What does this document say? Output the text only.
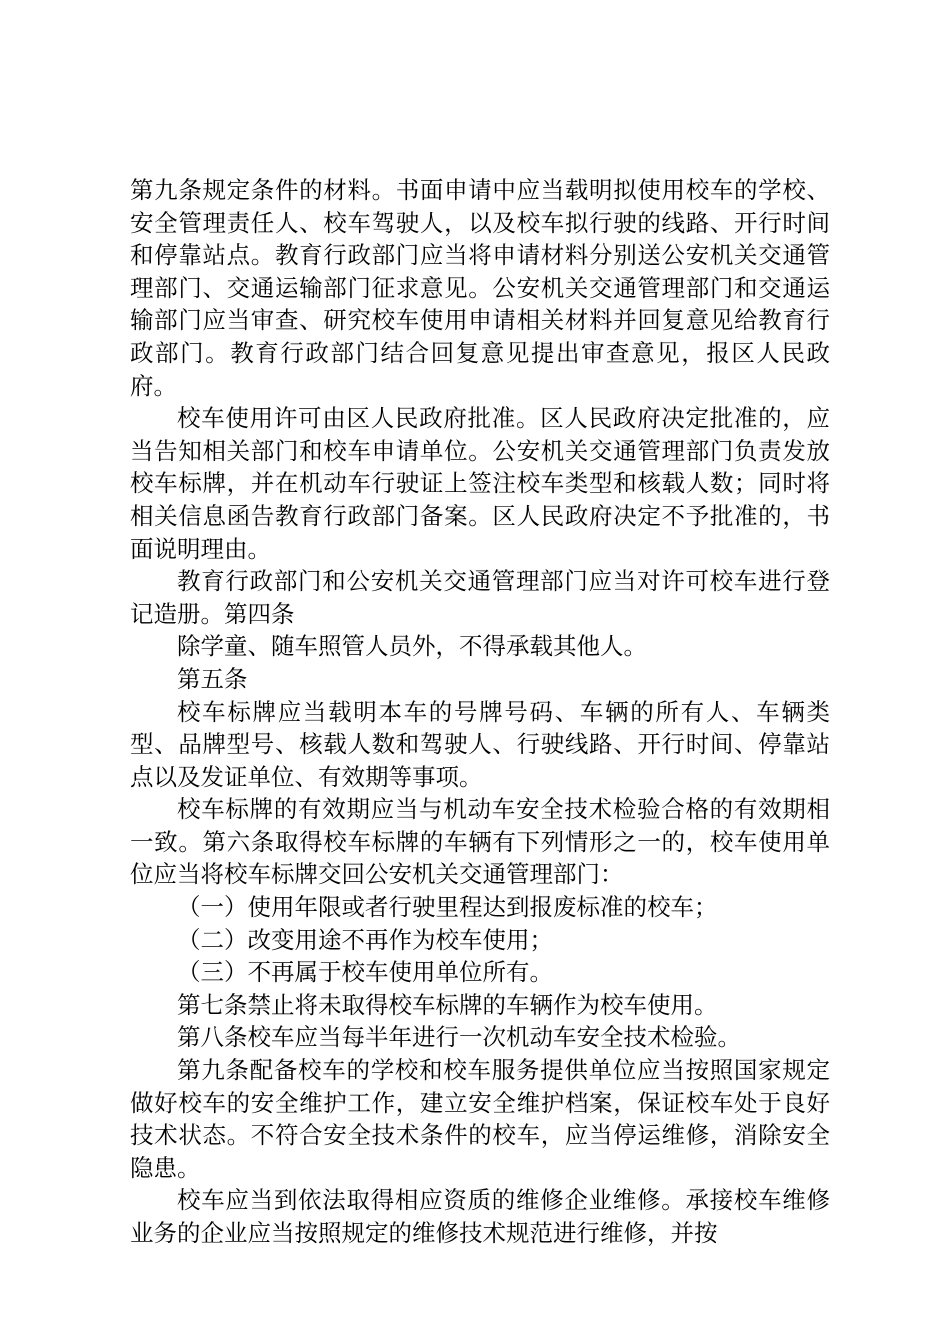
第九条规定条件的材料。书面申请中应当载明拟使用校车的学校、安全管理责任人、校车驾驶人，以及校车拟行驶的线路、开行时间和停靠站点。教育行政部门应当将申请材料分别送公安机关交通管理部门、交通运输部门征求意见。公安机关交通管理部门和交通运输部门应当审查、研究校车使用申请相关材料并回复意见给教育行政部门。教育行政部门结合回复意见提出审查意见，报区人民政府。

校车使用许可由区人民政府批准。区人民政府决定批准的，应当告知相关部门和校车申请单位。公安机关交通管理部门负责发放校车标牌，并在机动车行驶证上签注校车类型和核载人数；同时将相关信息函告教育行政部门备案。区人民政府决定不予批准的，书面说明理由。

教育行政部门和公安机关交通管理部门应当对许可校车进行登记造册。第四条

除学童、随车照管人员外，不得承载其他人。

第五条

校车标牌应当载明本车的号牌号码、车辆的所有人、车辆类型、品牌型号、核载人数和驾驶人、行驶线路、开行时间、停靠站点以及发证单位、有效期等事项。

校车标牌的有效期应当与机动车安全技术检验合格的有效期相一致。第六条取得校车标牌的车辆有下列情形之一的，校车使用单位应当将校车标牌交回公安机关交通管理部门：

（一）使用年限或者行驶里程达到报废标准的校车；

（二）改变用途不再作为校车使用；

（三）不再属于校车使用单位所有。

第七条禁止将未取得校车标牌的车辆作为校车使用。

第八条校车应当每半年进行一次机动车安全技术检验。

第九条配备校车的学校和校车服务提供单位应当按照国家规定做好校车的安全维护工作，建立安全维护档案，保证校车处于良好技术状态。不符合安全技术条件的校车，应当停运维修，消除安全隐患。

校车应当到依法取得相应资质的维修企业维修。承接校车维修业务的企业应当按照规定的维修技术规范进行维修，并按
